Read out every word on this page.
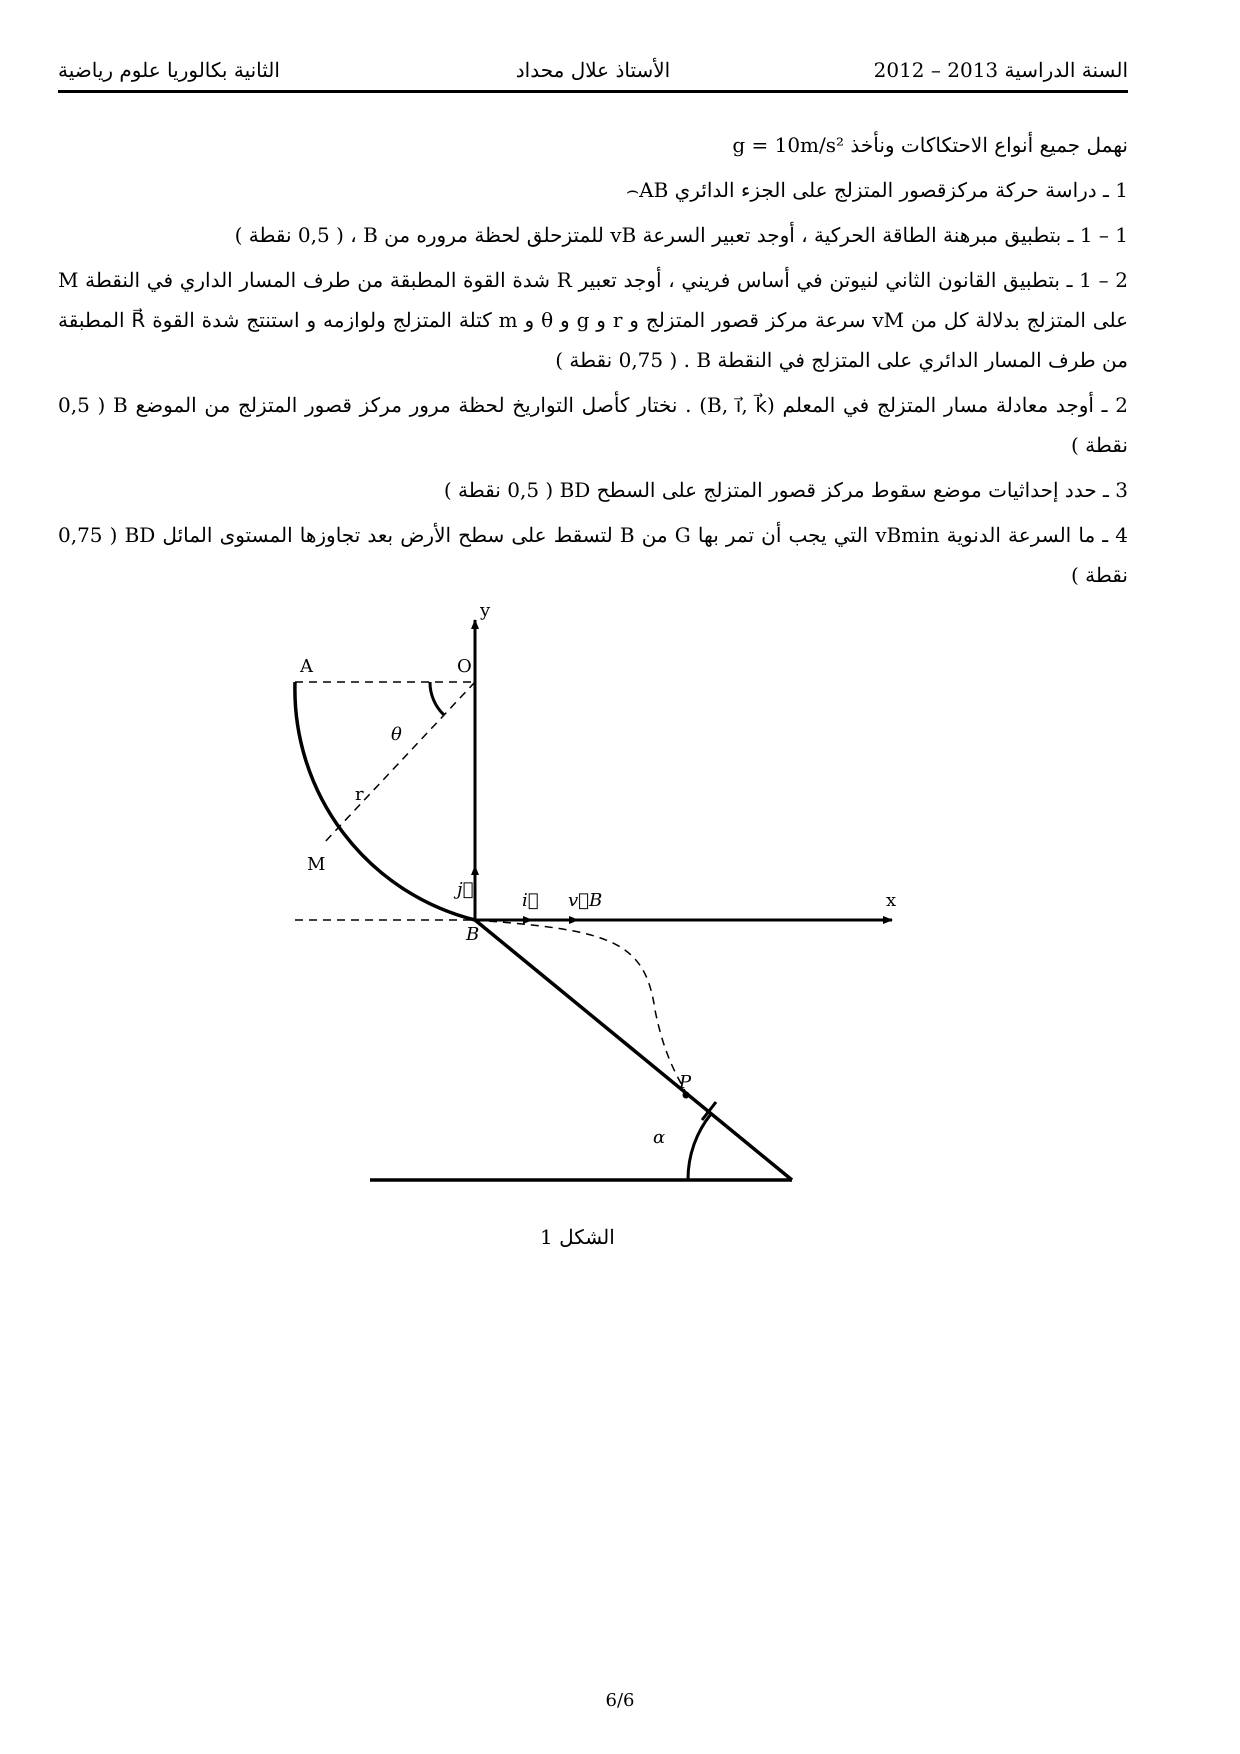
السنة الدراسية 2013 – 2012
الأستاذ علال محداد
الثانية بكالوريا علوم رياضية

نهمل جميع أنواع الاحتكاكات ونأخذ g = 10m/s²

1 ـ دراسة حركة مركزقصور المتزلج على الجزء الدائري AB⌢

1 – 1 ـ بتطبيق مبرهنة الطاقة الحركية ، أوجد تعبير السرعة vB للمتزحلق لحظة مروره من B ، ( 0,5 نقطة )

2 – 1 ـ بتطبيق القانون الثاني لنيوتن في أساس فريني ، أوجد تعبير R شدة القوة المطبقة من طرف المسار الداري في النقطة M على المتزلج بدلالة كل من vM سرعة مركز قصور المتزلج و r و g و θ و m كتلة المتزلج ولوازمه و استنتج شدة القوة R⃗ المطبقة من طرف المسار الدائري على المتزلج في النقطة B . ( 0,75 نقطة )

2 ـ أوجد معادلة مسار المتزلج في المعلم (B, i⃗, k⃗) . نختار كأصل التواريخ لحظة مرور مركز قصور المتزلج من الموضع B ( 0,5 نقطة )

3 ـ حدد إحداثيات موضع سقوط مركز قصور المتزلج على السطح BD ( 0,5 نقطة )

4 ـ ما السرعة الدنوية vBmin التي يجب أن تمر بها G من B لتسقط على سطح الأرض بعد تجاوزها المستوى المائل BD ( 0,75 نقطة )

y
x
O
A
θ
r
M
B
j⃗
i⃗ v⃗B
P
α
الشكل 1
6/6
